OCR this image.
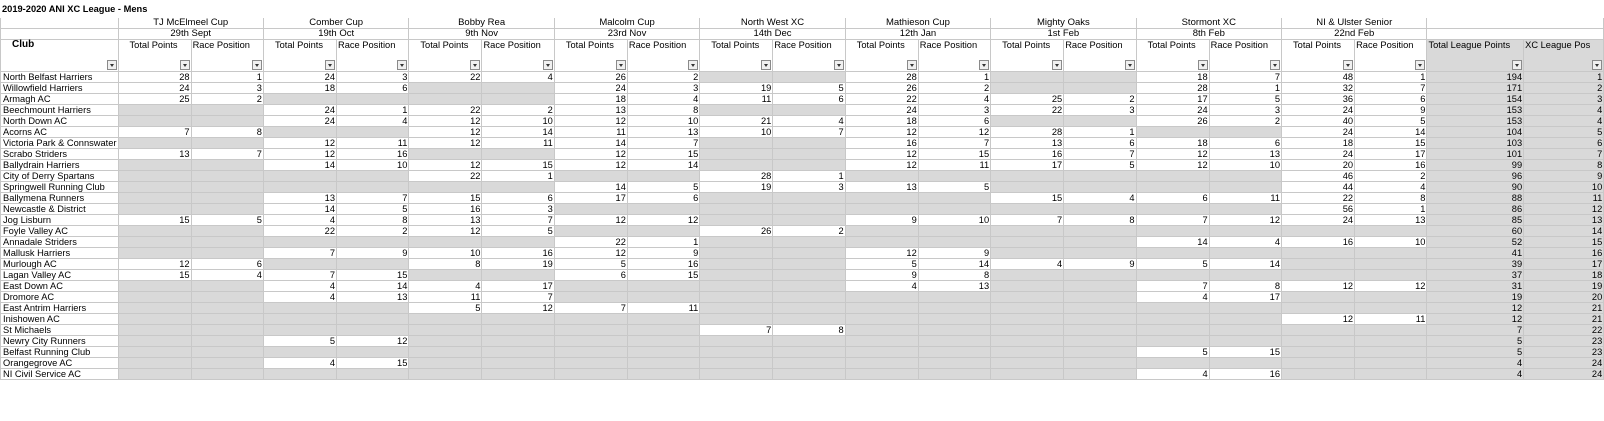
2019-2020 ANI XC League - Mens																				
	TJ McElmeel Cup		Comber Cup		Bobby Rea		Malcolm Cup		North West XC		Mathieson Cup		Mighty Oaks		Stormont XC		NI & Ulster Senior			
	29th Sept		19th Oct		9th Nov		23rd Nov		14th Dec		12th Jan		1st Feb		8th Feb		22nd Feb			

Club	Total Points	Race Position	Total Points	Race Position	Total Points	Race Position	Total Points	Race Position	Total Points	Race Position	Total Points	Race Position	Total Points	Race Position	Total Points	Race Position	Total Points	Race Position	Total League Points	XC League Pos

North Belfast Harriers	28	1	24	3	22	4	26	2			28	1			18	7	48	1	194	1
Willowfield Harriers	24	3	18	6			24	3	19	5	26	2			28	1	32	7	171	2
Armagh AC	25	2					18	4	11	6	22	4	25	2	17	5	36	6	154	3
Beechmount Harriers			24	1	22	2	13	8			24	3	22	3	24	3	24	9	153	4
North Down AC			24	4	12	10	12	10	21	4	18	6			26	2	40	5	153	4
Acorns AC	7	8			12	14	11	13	10	7	12	12	28	1			24	14	104	5
Victoria Park & Connswater			12	11	12	11	14	7			16	7	13	6	18	6	18	15	103	6
Scrabo Striders	13	7	12	16			12	15			12	15	16	7	12	13	24	17	101	7
Ballydrain Harriers			14	10	12	15	12	14			12	11	17	5	12	10	20	16	99	8
City of Derry Spartans					22	1			28	1							46	2	96	9
Springwell Running Club							14	5	19	3	13	5					44	4	90	10
Ballymena Runners			13	7	15	6	17	6					15	4	6	11	22	8	88	11
Newcastle & District			14	5	16	3											56	1	86	12
Jog Lisburn	15	5	4	8	13	7	12	12			9	10	7	8	7	12	24	13	85	13
Foyle Valley AC			22	2	12	5			26	2									60	14
Annadale Striders							22	1							14	4	16	10	52	15
Mallusk Harriers			7	9	10	16	12	9			12	9							41	16
Murlough AC	12	6			8	19	5	16			5	14	4	9	5	14			39	17
Lagan Valley AC	15	4	7	15			6	15			9	8							37	18
East Down AC			4	14	4	17					4	13			7	8	12	12	31	19
Dromore AC			4	13	11	7									4	17			19	20
East Antrim Harriers					5	12	7	11											12	21
Inishowen AC																	12	11	12	21
St Michaels									7	8									7	22
Newry City Runners			5	12															5	23
Belfast Running Club															5	15			5	23
Orangegrove AC			4	15															4	24
NI Civil Service AC															4	16			4	24
